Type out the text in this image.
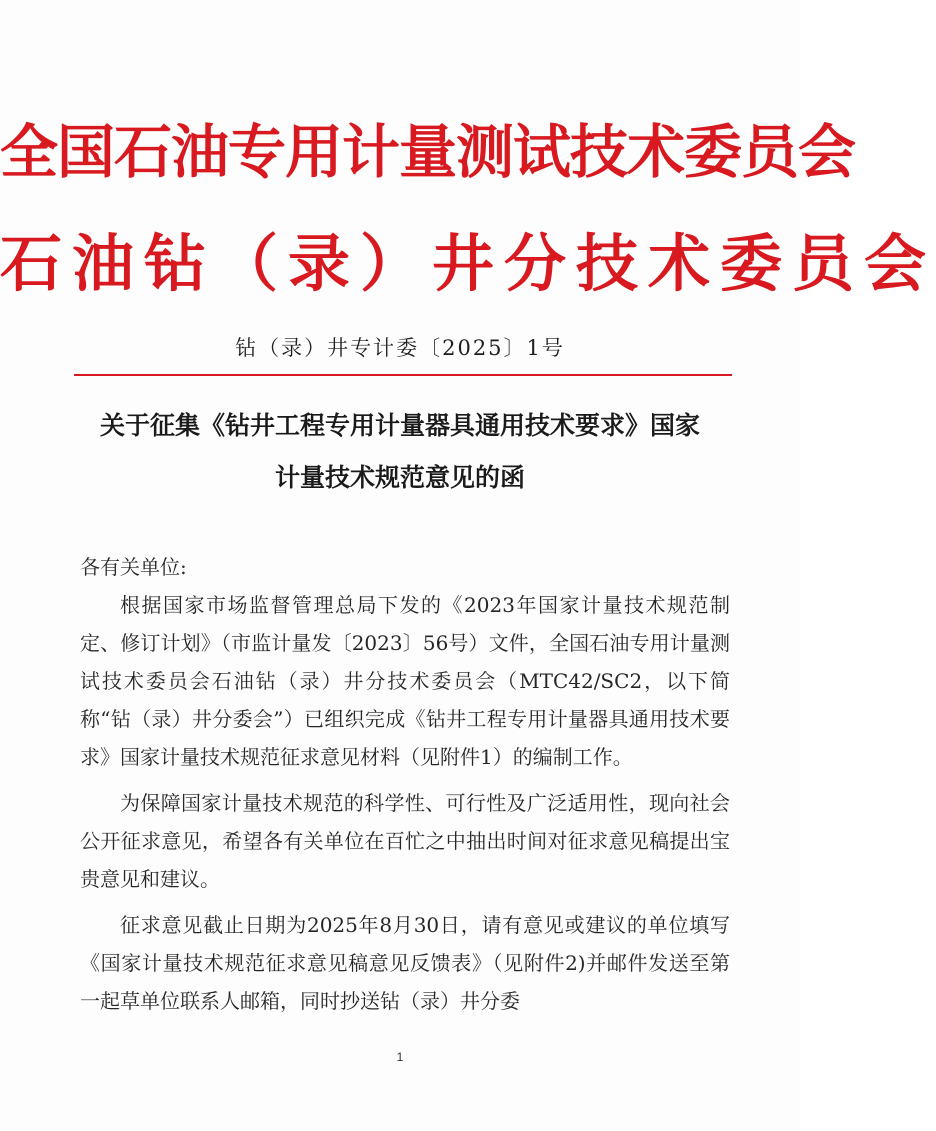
全国石油专用计量测试技术委员会
石油钻（录）井分技术委员会
钻（录）井专计委〔2025〕1号
关于征集《钻井工程专用计量器具通用技术要求》国家
计量技术规范意见的函

各有关单位:

根据国家市场监督管理总局下发的《2023年国家计量技术规范制定、修订计划》（市监计量发〔2023〕56号）文件，全国石油专用计量测试技术委员会石油钻（录）井分技术委员会（MTC42/SC2，以下简称“钻（录）井分委会”）已组织完成《钻井工程专用计量器具通用技术要求》国家计量技术规范征求意见材料（见附件1）的编制工作。

为保障国家计量技术规范的科学性、可行性及广泛适用性，现向社会公开征求意见，希望各有关单位在百忙之中抽出时间对征求意见稿提出宝贵意见和建议。

征求意见截止日期为2025年8月30日，请有意见或建议的单位填写《国家计量技术规范征求意见稿意见反馈表》（见附件2)并邮件发送至第一起草单位联系人邮箱，同时抄送钻（录）井分委

1
